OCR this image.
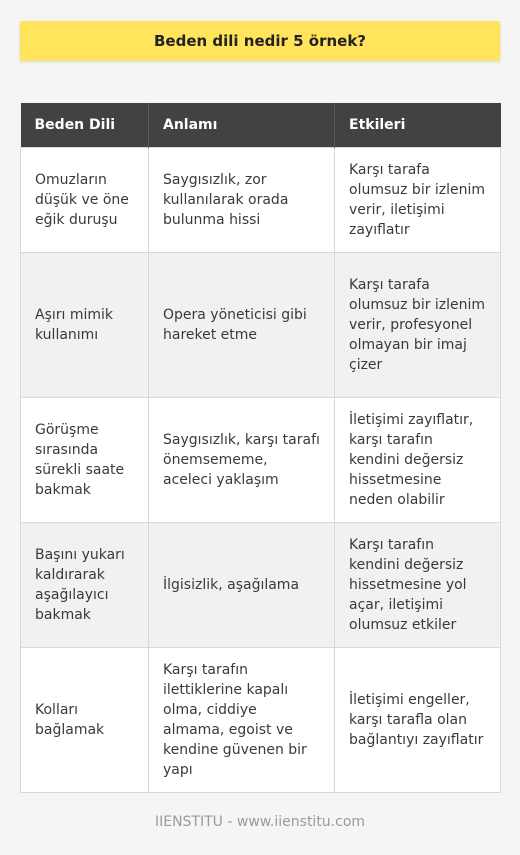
Beden dili nedir 5 örnek?
Beden Dili	Anlamı	Etkileri
Omuzların düşük ve öne eğik duruşu	Saygısızlık, zor kullanılarak orada bulunma hissi	Karşı tarafa olumsuz bir izlenim verir, iletişimi zayıflatır
Aşırı mimik kullanımı	Opera yöneticisi gibi hareket etme	Karşı tarafa olumsuz bir izlenim verir, profesyonel olmayan bir imaj çizer
Görüşme sırasında sürekli saate bakmak	Saygısızlık, karşı tarafı önemsememe, aceleci yaklaşım	İletişimi zayıflatır, karşı tarafın kendini değersiz hissetmesine neden olabilir
Başını yukarı kaldırarak aşağılayıcı bakmak	İlgisizlik, aşağılama	Karşı tarafın kendini değersiz hissetmesine yol açar, iletişimi olumsuz etkiler
Kolları bağlamak	Karşı tarafın ilettiklerine kapalı olma, ciddiye almama, egoist ve kendine güvenen bir yapı	İletişimi engeller, karşı tarafla olan bağlantıyı zayıflatır
IIENSTITU - www.iienstitu.com
